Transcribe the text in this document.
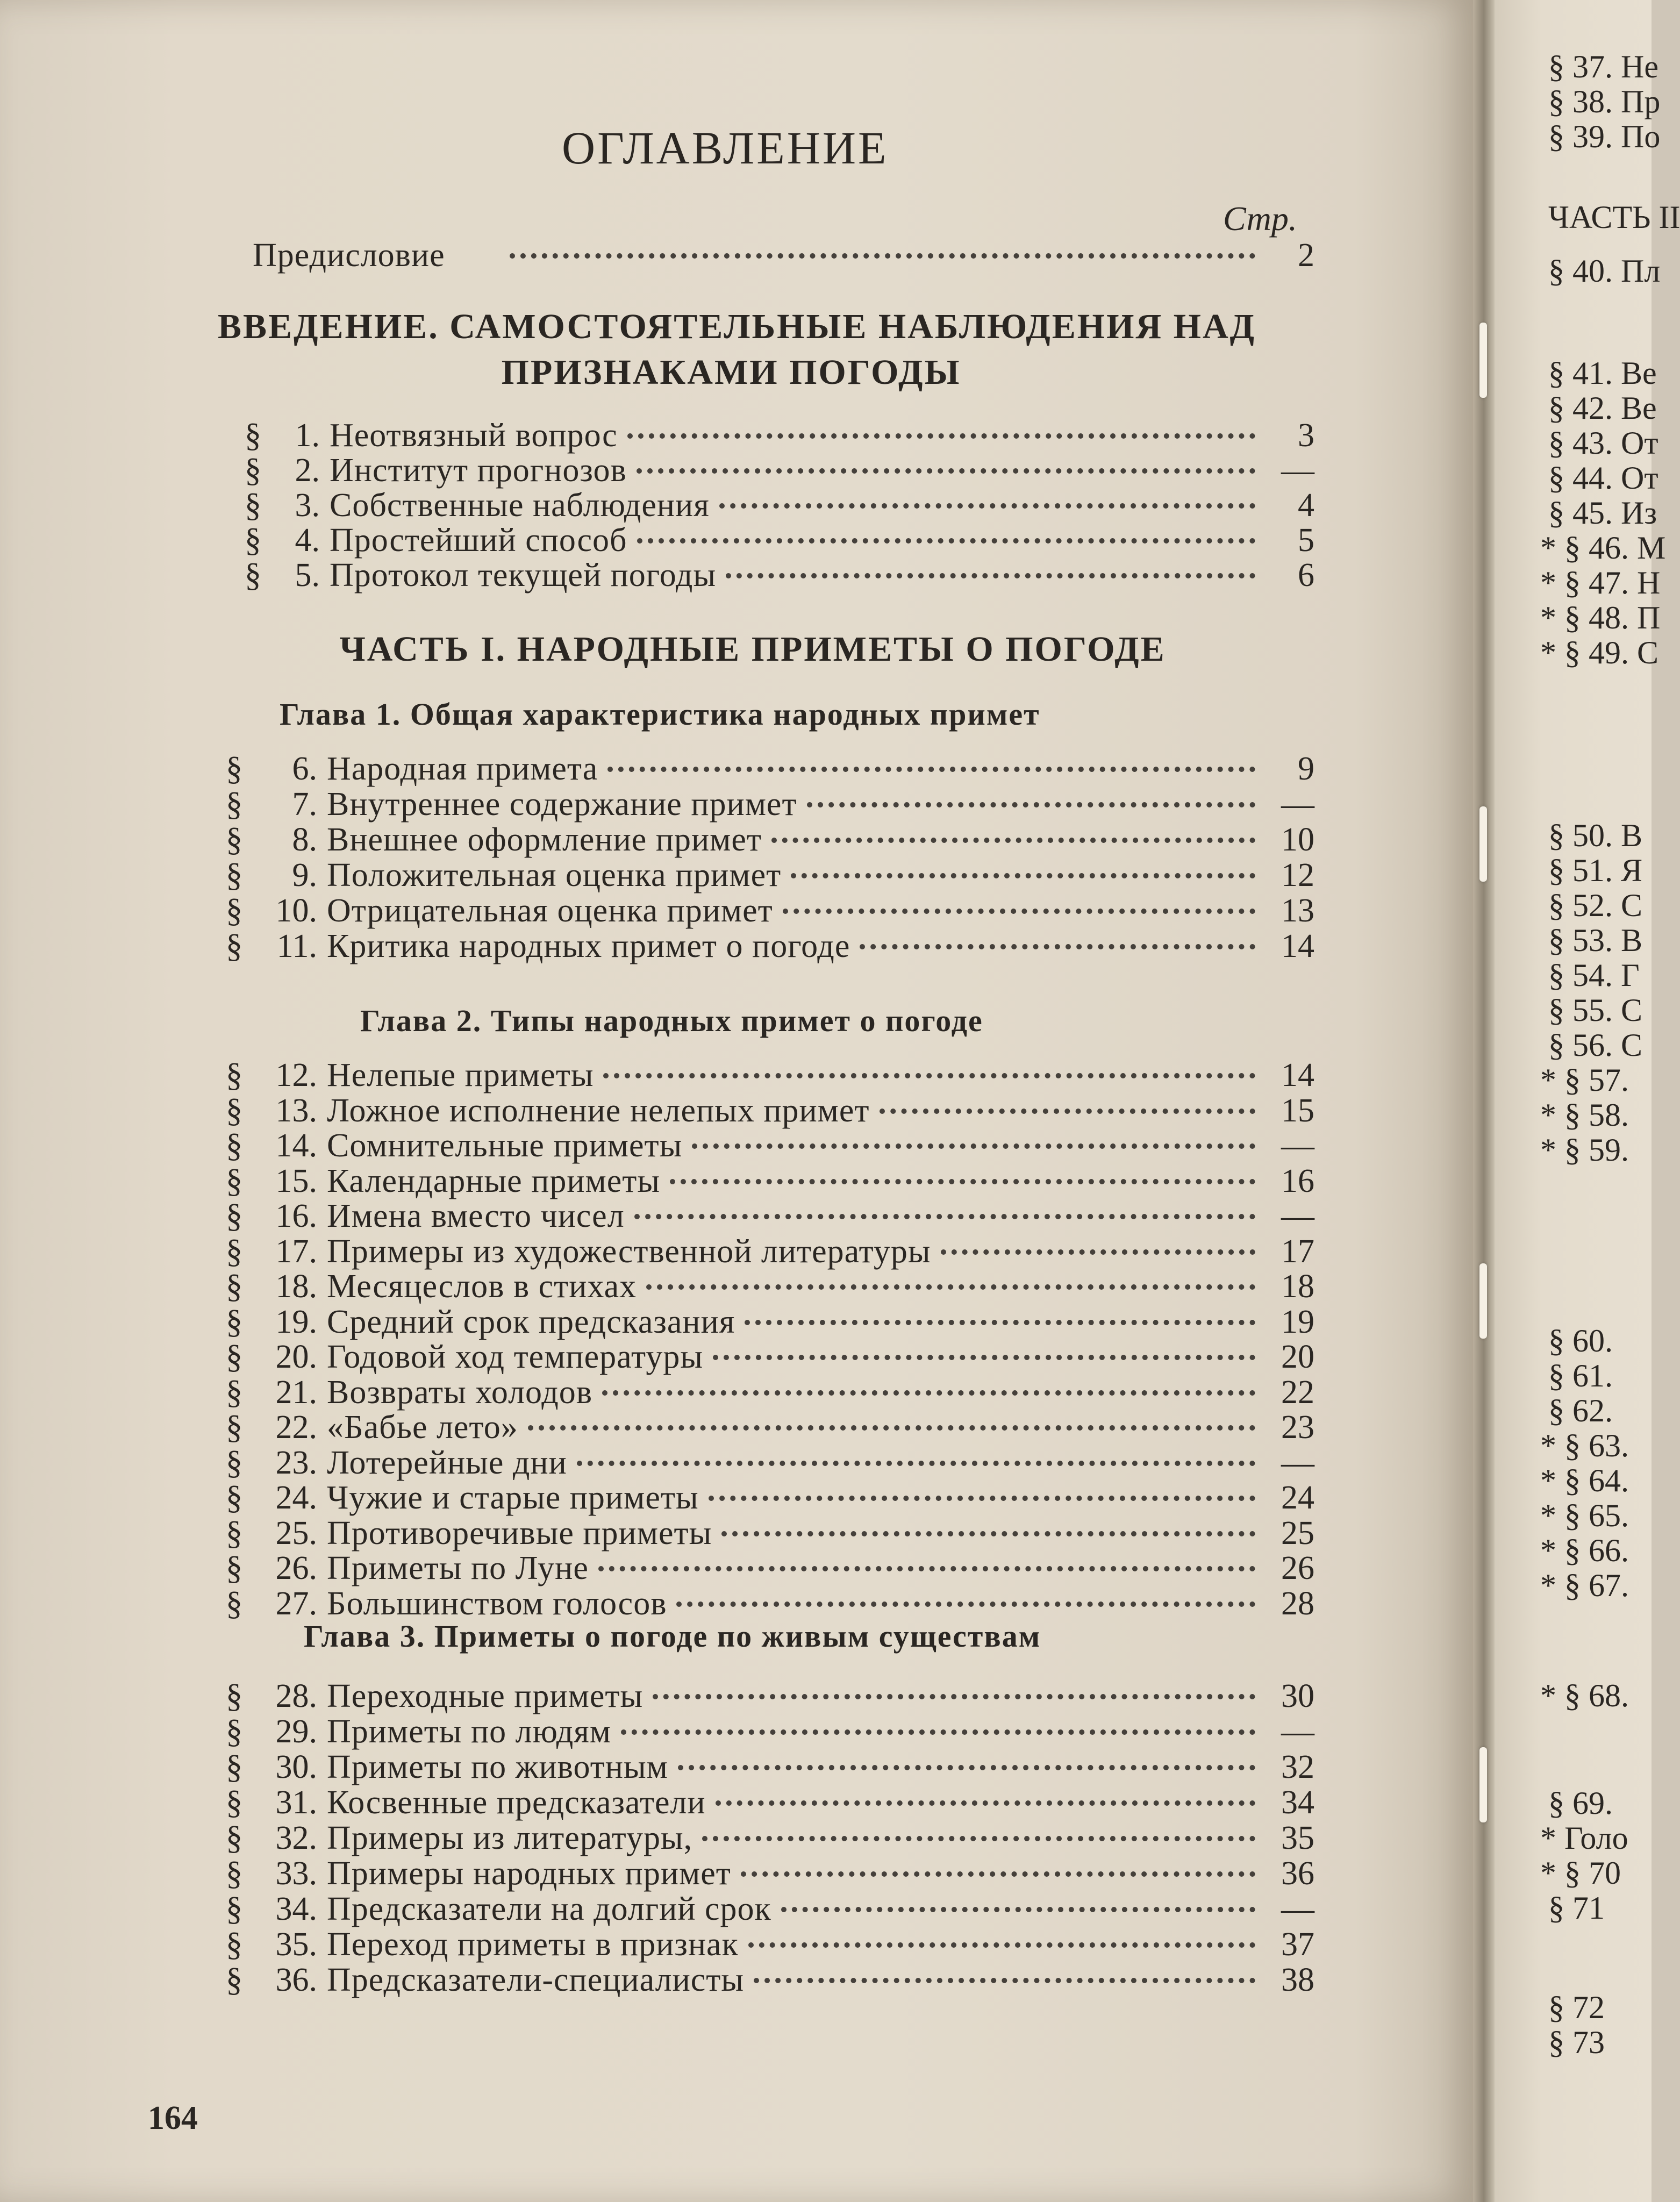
ОГЛАВЛЕНИЕ
Стр.
Предисловие	2
ВВЕДЕНИЕ. САМОСТОЯТЕЛЬНЫЕ НАБЛЮДЕНИЯ НАД
ПРИЗНАКАМИ ПОГОДЫ
§	1. Неотвязный вопрос	3
§	2. Институт прогнозов	—
§	3. Собственные наблюдения	4
§	4. Простейший способ	5
§	5. Протокол текущей погоды	6
ЧАСТЬ I. НАРОДНЫЕ ПРИМЕТЫ О ПОГОДЕ
Глава 1. Общая характеристика народных примет
§	6. Народная примета	9
§	7. Внутреннее содержание примет	—
§	8. Внешнее оформление примет	10
§	9. Положительная оценка примет	12
§ 10. Отрицательная оценка примет	13
§	11. Критика народных примет о погоде	14
Глава 2. Типы народных примет о погоде
§ 12. Нелепые приметы	14
§ 13. Ложное исполнение нелепых примет	15
§ 14. Сомнительные приметы	—
§ 15. Календарные приметы	16
§ 16. Имена вместо чисел	—
§ 17. Примеры из художественной литературы	17
§ 18. Месяцеслов в стихах	18
§ 19. Средний срок предсказания	19
§ 20. Годовой ход температуры	20
§ 21. Возвраты холодов	22
§ 22. «Бабье лето»	23
§ 23. Лотерейные дни	—
§ 24. Чужие и старые приметы	24
§ 25. Противоречивые приметы	25
§ 26. Приметы по Луне	26
§ 27. Большинством голосов	28
Глава 3. Приметы о погоде по живым существам
§ 28. Переходные приметы	30
§ 29. Приметы по людям	—
§ 30. Приметы по животным	32
§ 31. Косвенные предсказатели	34
§ 32. Примеры из литературы,	35
§ 33. Примеры народных примет	36
§ 34. Предсказатели на долгий срок	—
§ 35. Переход приметы в признак	37
§ 36. Предсказатели-специалисты	38
164
§ 37. Не
§ 38. Пр
§ 39. По
ЧАСТЬ II
§ 40. Пл
§ 41. Ве
§ 42. Ве
§ 43. От
§ 44. От
§ 45. Из
* § 46. М
* § 47. Н
* § 48. П
* § 49. С
§ 50. В
§ 51. Я
§ 52. С
§ 53. В
§ 54. Г
§ 55. С
§ 56. С
* § 57.
* § 58.
* § 59.
§ 60.
§ 61.
§ 62.
* § 63.
* § 64.
* § 65.
* § 66.
* § 67.
* § 68.
§ 69.
* Голо
* § 70
§ 71
§ 72
§ 73
